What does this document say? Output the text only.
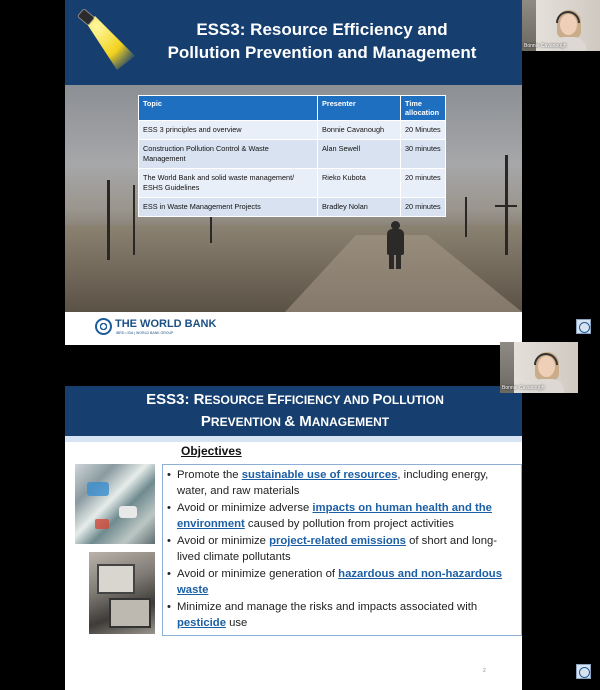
ESS3: Resource Efficiency and
Pollution Prevention and Management
Topic	Presenter	Time allocation
ESS 3 principles and overview	Bonnie Cavanough	20 Minutes
Construction Pollution Control & Waste Management	Alan Sewell	30 minutes
The World Bank and solid waste management/ ESHS Guidelines	Rieko Kubota	20 minutes
ESS in Waste Management Projects	Bradley Nolan	20 minutes
THE WORLD BANK
IBRD • IDA | WORLD BANK GROUP
ESS3: RESOURCE EFFICIENCY AND POLLUTION
PREVENTION & MANAGEMENT
Objectives
• Promote the sustainable use of resources, including energy, water, and raw materials
• Avoid or minimize adverse impacts on human health and the environment caused by pollution from project activities
• Avoid or minimize project-related emissions of short and long-lived climate pollutants
• Avoid or minimize generation of hazardous and non-hazardous waste
• Minimize and manage the risks and impacts associated with pesticide use
2
Bonnie Cavanough
Bonnie Cavanough
